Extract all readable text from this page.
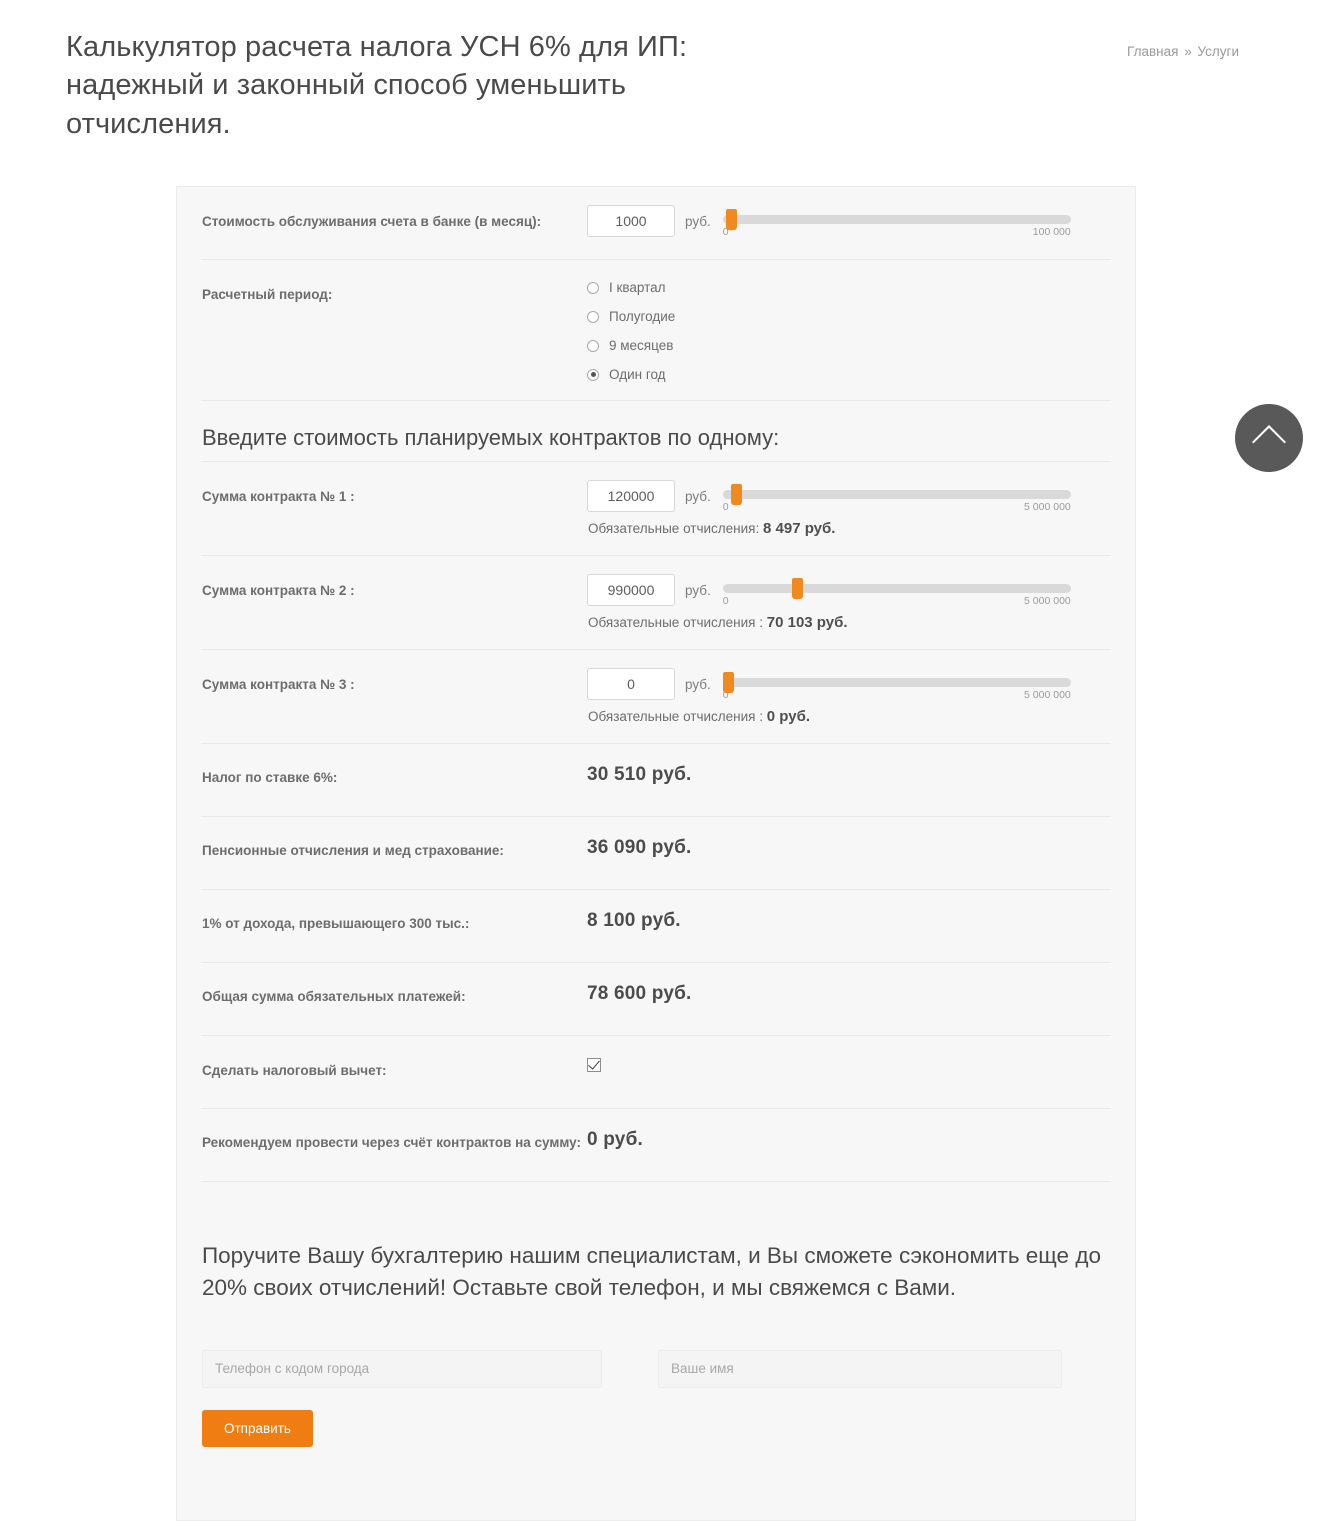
Калькулятор расчета налога УСН 6% для ИП: надежный и законный способ уменьшить отчисления.
Главная » Услуги
Стоимость обслуживания счета в банке (в месяц):
1000	руб.
0	100 000
Расчетный период:	I квартал
Полугодие
9 месяцев
Один год
Введите стоимость планируемых контрактов по одному:
Сумма контракта № 1 :
120000	руб.
0	5 000 000
Обязательные отчисления: 8 497 руб.
Сумма контракта № 2 :
990000	руб.
0	5 000 000
Обязательные отчисления : 70 103 руб.
Сумма контракта № 3 :
0	руб.
0	5 000 000
Обязательные отчисления : 0 руб.
Налог по ставке 6%:	30 510 руб.
Пенсионные отчисления и мед страхование:	36 090 руб.
1% от дохода, превышающего 300 тыс.:	8 100 руб.
Общая сумма обязательных платежей:	78 600 руб.
Сделать налоговый вычет:
Рекомендуем провести через счёт контрактов на сумму: 0 руб.
Поручите Вашу бухгалтерию нашим специалистам, и Вы сможете сэкономить еще до 20% своих отчислений! Оставьте свой телефон, и мы свяжемся с Вами.
Телефон с кодом города
Ваше имя
Отправить
